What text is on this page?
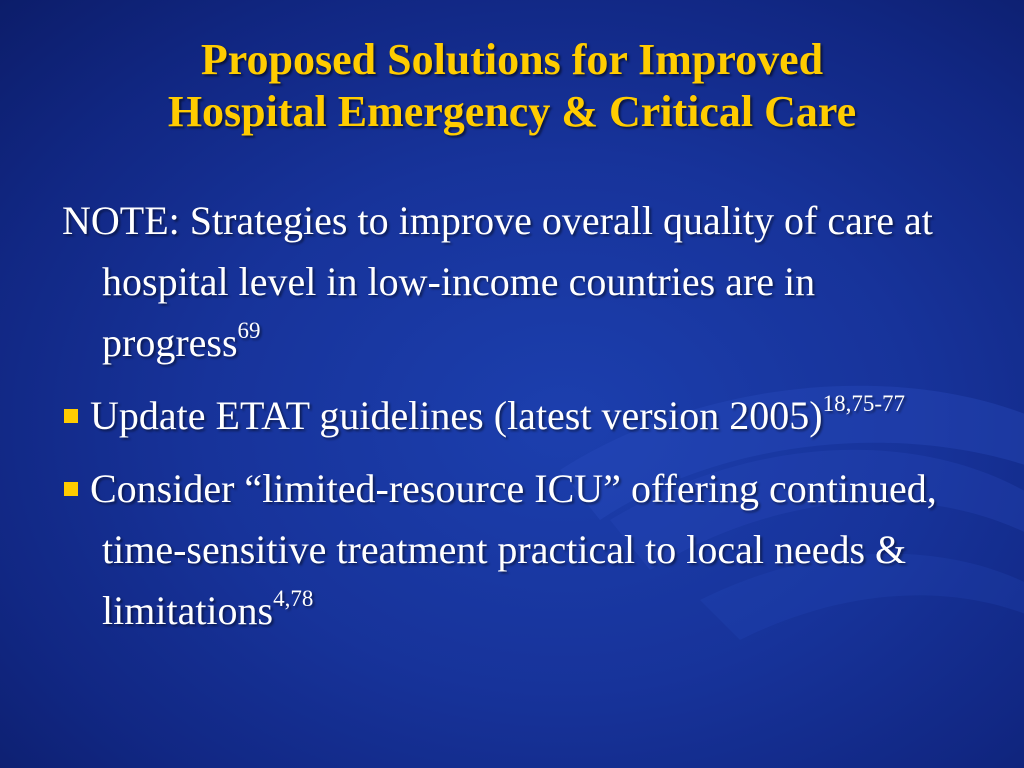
Proposed Solutions for Improved
Hospital Emergency & Critical Care

NOTE: Strategies to improve overall quality of care at hospital level in low-income countries are in progress$^{69}$

Update ETAT guidelines (latest version 2005)$^{18,75-77}$

Consider “limited-resource ICU” offering continued, time-sensitive treatment practical to local needs & limitations$^{4,78}$
